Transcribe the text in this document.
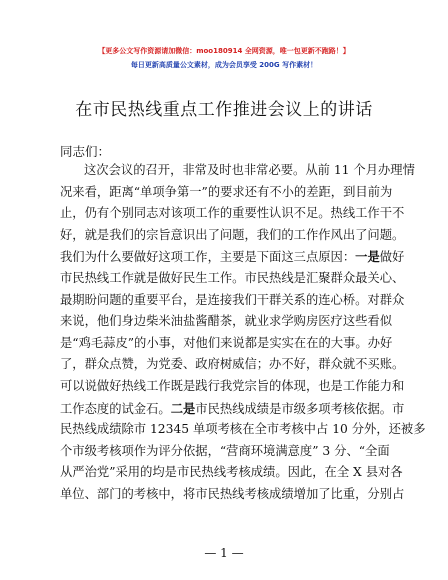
【更多公文写作资源请加微信：moo180914 全网资源，唯一包更新不跑路！】
每日更新高质量公文素材，成为会员享受 200G 写作素材！
在市民热线重点工作推进会议上的讲话
同志们：
这次会议的召开，非常及时也非常必要。从前 11 个月办理情
况来看，距离“单项争第一”的要求还有不小的差距，到目前为
止，仍有个别同志对该项工作的重要性认识不足。热线工作干不
好，就是我们的宗旨意识出了问题，我们的工作作风出了问题。
我们为什么要做好这项工作，主要是下面这三点原因：一是做好
市民热线工作就是做好民生工作。市民热线是汇聚群众最关心、
最期盼问题的重要平台，是连接我们干群关系的连心桥。对群众
来说，他们身边柴米油盐酱醋茶，就业求学购房医疗这些看似
是“鸡毛蒜皮”的小事，对他们来说都是实实在在的大事。办好
了，群众点赞，为党委、政府树威信；办不好，群众就不买账。
可以说做好热线工作既是践行我党宗旨的体现，也是工作能力和
工作态度的试金石。二是市民热线成绩是市级多项考核依据。市
民热线成绩除市 12345 单项考核在全市考核中占 10 分外，还被多
个市级考核项作为评分依据，“营商环境满意度” 3 分、“全面
从严治党”采用的均是市民热线考核成绩。因此，在全 X 县对各
单位、部门的考核中，将市民热线考核成绩增加了比重，分别占
— 1 —
